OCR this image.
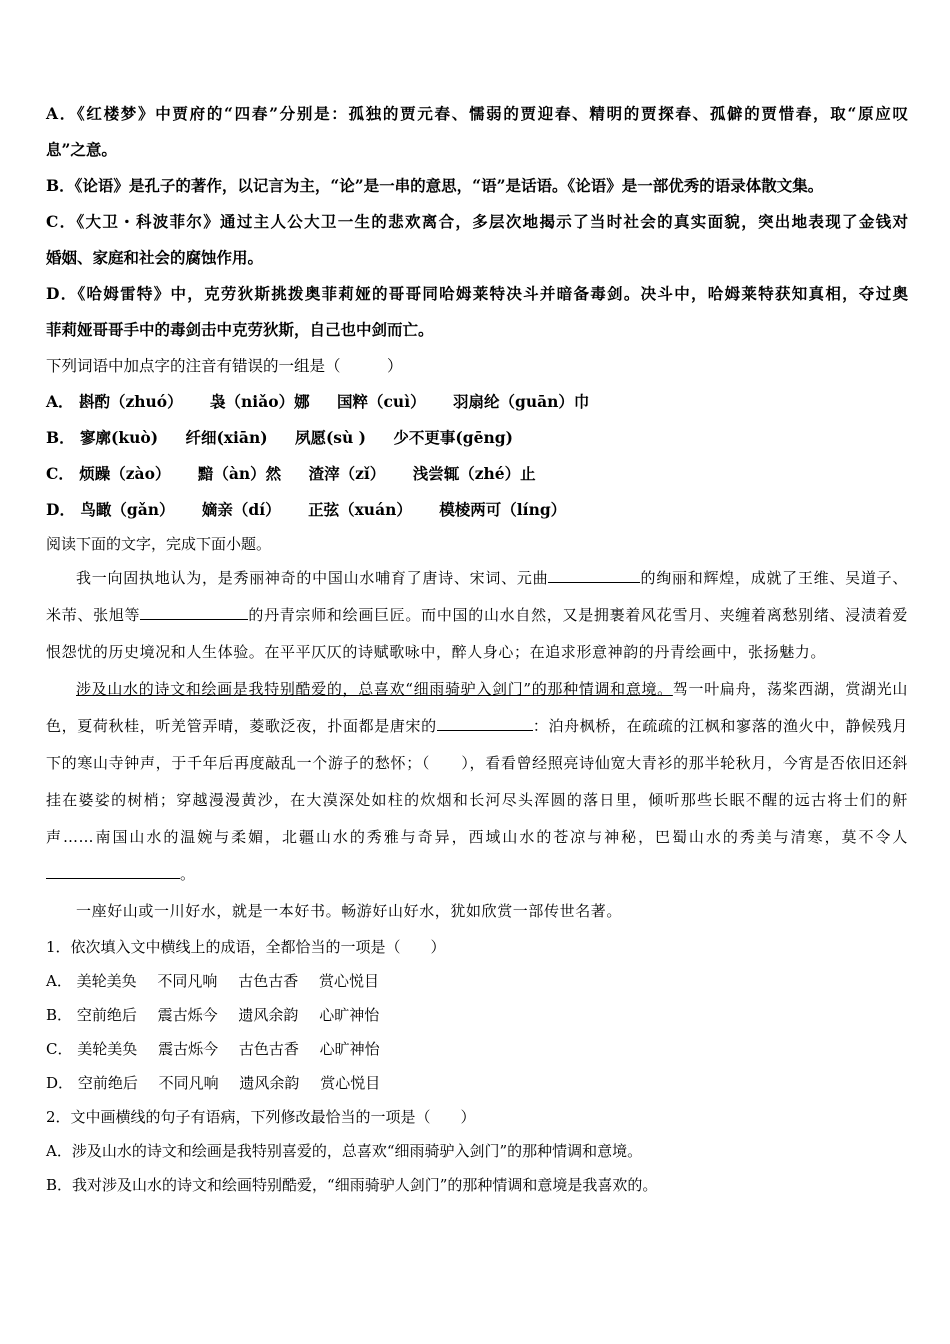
A．《红楼梦》中贾府的“四春”分别是：孤独的贾元春、懦弱的贾迎春、精明的贾探春、孤僻的贾惜春，取“原应叹

息”之意。

B．《论语》是孔子的著作，以记言为主，“论”是一串的意思，“语”是话语。《论语》是一部优秀的语录体散文集。

C．《大卫・科波菲尔》通过主人公大卫一生的悲欢离合，多层次地揭示了当时社会的真实面貌，突出地表现了金钱对

婚姻、家庭和社会的腐蚀作用。

D．《哈姆雷特》中，克劳狄斯挑拨奥菲莉娅的哥哥同哈姆莱特决斗并暗备毒剑。决斗中，哈姆莱特获知真相，夺过奥

菲莉娅哥哥手中的毒剑击中克劳狄斯，自己也中剑而亡。

下列词语中加点字的注音有错误的一组是（　　　）

A． 斟酌（zhuó） 袅（niǎo）娜 国粹（cuì） 羽扇纶（guān）巾

B． 寥廓(kuò) 纤细(xiān) 夙愿(sù ) 少不更事(gēng)

C． 烦躁（zào） 黯（àn）然 渣滓（zǐ） 浅尝辄（zhé）止

D． 鸟瞰（gǎn） 嫡亲（dí） 正弦（xuán） 模棱两可（líng）

阅读下面的文字，完成下面小题。

我一向固执地认为，是秀丽神奇的中国山水哺育了唐诗、宋词、元曲	的绚丽和辉煌，成就了王维、吴道子、米芾、张旭等	的丹青宗师和绘画巨匠。而中国的山水自然，又是拥裹着风花雪月、夹缠着离愁别绪、浸渍着爱恨怨忧的历史境况和人生体验。在平平仄仄的诗赋歌咏中，醉人身心；在追求形意神韵的丹青绘画中，张扬魅力。

涉及山水的诗文和绘画是我特别酷爱的，总喜欢“细雨骑驴入剑门”的那种情调和意境。驾一叶扁舟，荡桨西湖，赏湖光山色，夏荷秋桂，听羌管弄晴，菱歌泛夜，扑面都是唐宋的	：泊舟枫桥，在疏疏的江枫和寥落的渔火中，静候残月下的寒山寺钟声，于千年后再度敲乱一个游子的愁怀；（　　），看看曾经照亮诗仙宽大青衫的那半轮秋月，今宵是否依旧还斜挂在婆娑的树梢；穿越漫漫黄沙，在大漠深处如柱的炊烟和长河尽头浑圆的落日里，倾听那些长眠不醒的远古将士们的鼾声……南国山水的温婉与柔媚，北疆山水的秀雅与奇异，西域山水的苍凉与神秘，巴蜀山水的秀美与清寒，莫不令人。

一座好山或一川好水，就是一本好书。畅游好山好水，犹如欣赏一部传世名著。

1．依次填入文中横线上的成语，全都恰当的一项是（　　）

A． 美轮美奂 不同凡响 古色古香 赏心悦目

B． 空前绝后 震古烁今 遗风余韵 心旷神怡

C． 美轮美奂 震古烁今 古色古香 心旷神怡

D． 空前绝后 不同凡响 遗风余韵 赏心悦目

2．文中画横线的句子有语病，下列修改最恰当的一项是（　　）

A．涉及山水的诗文和绘画是我特别喜爱的，总喜欢“细雨骑驴入剑门”的那种情调和意境。

B．我对涉及山水的诗文和绘画特别酷爱，“细雨骑驴人剑门”的那种情调和意境是我喜欢的。
